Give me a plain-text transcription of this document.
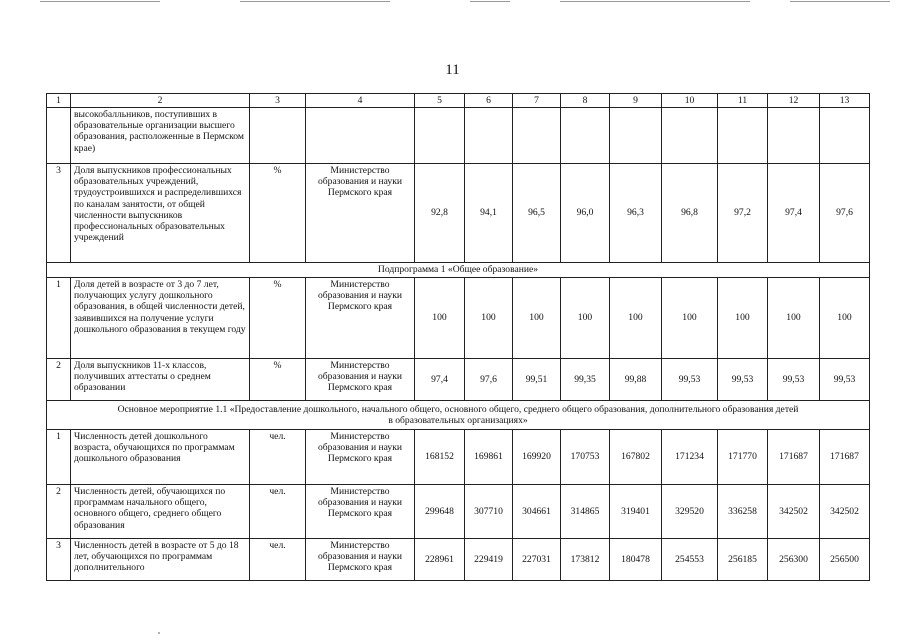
11
1	2	3	4	5	6	7	8	9	10	11	12	13
	высокобалльников, поступивших в образовательные организации высшего образования, расположенные в Пермском крае)											
3	Доля выпускников профессиональных образовательных учреждений, трудоустроившихся и распределившихся по каналам занятости, от общей численности выпускников профессиональных образовательных учреждений	%	Министерство образования и науки Пермского края	92,8	94,1	96,5	96,0	96,3	96,8	97,2	97,4	97,6
Подпрограмма 1 «Общее образование»												
1	Доля детей в возрасте от 3 до 7 лет, получающих услугу дошкольного образования, в общей численности детей, заявившихся на получение услуги дошкольного образования в текущем году	%	Министерство образования и науки Пермского края	100	100	100	100	100	100	100	100	100
2	Доля выпускников 11-х классов, получивших аттестаты о среднем образовании	%	Министерство образования и науки Пермского края	97,4	97,6	99,51	99,35	99,88	99,53	99,53	99,53	99,53
Основное мероприятие 1.1 «Предоставление дошкольного, начального общего, основного общего, среднего общего образования, дополнительного образования детей в образовательных организациях»												
1	Численность детей дошкольного возраста, обучающихся по программам дошкольного образования	чел.	Министерство образования и науки Пермского края	168152	169861	169920	170753	167802	171234	171770	171687	171687
2	Численность детей, обучающихся по программам начального общего, основного общего, среднего общего образования	чел.	Министерство образования и науки Пермского края	299648	307710	304661	314865	319401	329520	336258	342502	342502
3	Численность детей в возрасте от 5 до 18 лет, обучающихся по программам дополнительного	чел.	Министерство образования и науки Пермского края	228961	229419	227031	173812	180478	254553	256185	256300	256500
